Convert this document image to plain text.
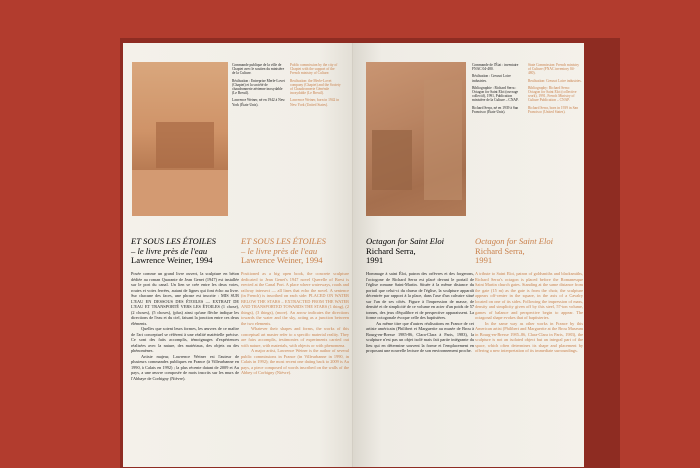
Commande publique de la ville de Chaptet avec le soutien du ministère de la Culture.

Réalisation : Entreprise Merle-Lovet (Chaptet) et la société de chaudronnerie aérienne inoxydable (Le Breuil).

Lawrence Weiner, né en 1942 à New York (États-Unis).

Public commission by the city of Chaptet with the support of the French ministry of Culture.

Realisation: the Merle-Lovet company (Chaptet) and the Society of Chaudronnerie Générale inoxydable (Le Breuil).

Lawrence Weiner, born in 1942 in New York (United States).

ET SOUS LES ÉTOILES
– le livre près de l'eau
Lawrence Weiner, 1994
ET SOUS LES ÉTOILES
– le livre près de l'eau
Lawrence Weiner, 1994

Posée comme un grand livre ouvert, la sculpture en béton dédiée au roman Quarante de Jean Genet (1947) est installée sur le port du canal. Un lien se crée entre les deux voies, routes et voies ferrées, autant de lignes qui font écho au livre. Sur chacune des faces, une phrase est inscrite : MIS SUR L'EAU EN DESSOUS DES ÉTOILES — EXTRAIT DE L'EAU ET TRANSPORTÉ VERS LES ÉTOILES (1 chose), (2 choses), (5 choses), (plus) ainsi qu'une flèche indique les directions de l'eau et du ciel, faisant la jonction entre ces deux éléments.

Quelles que soient leurs formes, les œuvres de ce maître de l'art conceptuel se réfèrent à une réalité matérielle précise. Ce sont des faits accomplis, témoignages d'expériences réalisées avec la nature, des matériaux, des objets ou des phénomènes.

Artiste majeur, Lawrence Weiner est l'auteur de plusieurs commandes publiques en France (à Villeurbanne en 1990, à Calais en 1992) ; la plus récente datant de 2009 et Au pays, a une œuvre composée de mots inscrits sur les murs de l'Abbaye de Corbigny (Nièvre).

Positioned as a big open book, the concrete sculpture dedicated to Jean Genet's 1947 novel Querelle of Brest is erected at the Canal Port. A place where waterways, roads and railway intersect — all lines that echo the novel. A sentence (in French) is inscribed on each side: PLACED ON WATER BELOW THE STARS – EXTRACTED FROM THE WATER AND TRANSPORTED TOWARDS THE STARS (1 thing), (2 things), (3 things), (more). An arrow indicates the directions towards the water and the sky, acting as a junction between the two elements.

Whatever their shapes and forms, the works of this conceptual art master refer to a specific material reality. They are fairs accomplis, testimonies of experiments carried out with nature, with materials, with objects or with phenomena.

A major artist, Lawrence Weiner is the author of several public commissions in France (in Villeurbanne in 1990, in Calais in 1992); the most recent one dating back to 2009 is Au pays, a piece composed of words inscribed on the walls of the Abbey of Corbigny (Nièvre).

Commande de l'État : inventaire FNAC 04-480.

Réalisation : Creusot Loire industries.

Bibliographie : Richard Serra : Octagon for Saint Eloi (ouvrage collectif), 1991, Publication ministère de la Culture – CNAP.

Richard Serra, né en 1939 à San Francisco (États-Unis).

State Commission: French ministry of Culture (FNAC inventory 04-480).

Realisation: Creusot Loire industries.

Bibliography: Richard Serra: Octagon for Saint Eloi (collective work), 1991, French Ministry of Culture Publication – CNAP.

Richard Serra, born in 1939 in San Francisco (United States).

Octagon for Saint Eloi
Richard Serra,
1991
Octagon for Saint Eloi
Richard Serra,
1991

Hommage à saint Éloi, patron des orfèvres et des forgerons, l'octogone de Richard Serra est placé devant le portail de l'église romane Saint-Martin. Située à la même distance du portail que celui-ci du chœur de l'église, la sculpture apparaît décentrée par rapport à la place, dans l'axe d'un calvaire situé sur l'un de ses côtés. Figure à l'impression de masse, de densité et de simplicité de ce volume en acier d'un poids de 57 tonnes, des jeux d'équilibre et de perspective apparaissent. La forme octogonale évoque celle des baptistères.

Au même titre que d'autres réalisations en France de cet artiste américain (Philibert et Marguerite au musée de Brou à Bourg-en-Bresse 1985-86, Clara-Clara à Paris, 1983), la sculpture n'est pas un objet isolé mais fait partie intégrante du lieu qui en détermine souvent la forme et l'emplacement en proposant une nouvelle lecture de son environnement proche.

A tribute to Saint Eloi, patron of goldsmiths and blacksmiths, Richard Serra's octagon is placed before the Romanesque Saint Martin church gates. Standing at the same distance from the gate (15 m) as the gate is from the choir, the sculpture appears off-center in the square, in the axis of a Cavalry located on one of its sides. Following the impression of mass, density and simplicity given off by this steel, 57-ton volume, games of balance and perspective begin to appear. The octagonal shape evokes that of baptisteries.

In the same way as other works in France by this American artist (Philibert and Marguerite at the Brou Museum in Bourg-en-Bresse 1985–86, Clara-Clara in Paris, 1983), the sculpture is not an isolated object but an integral part of the space, which often determines its shape and placement by offering a new interpretation of its immediate surroundings.
